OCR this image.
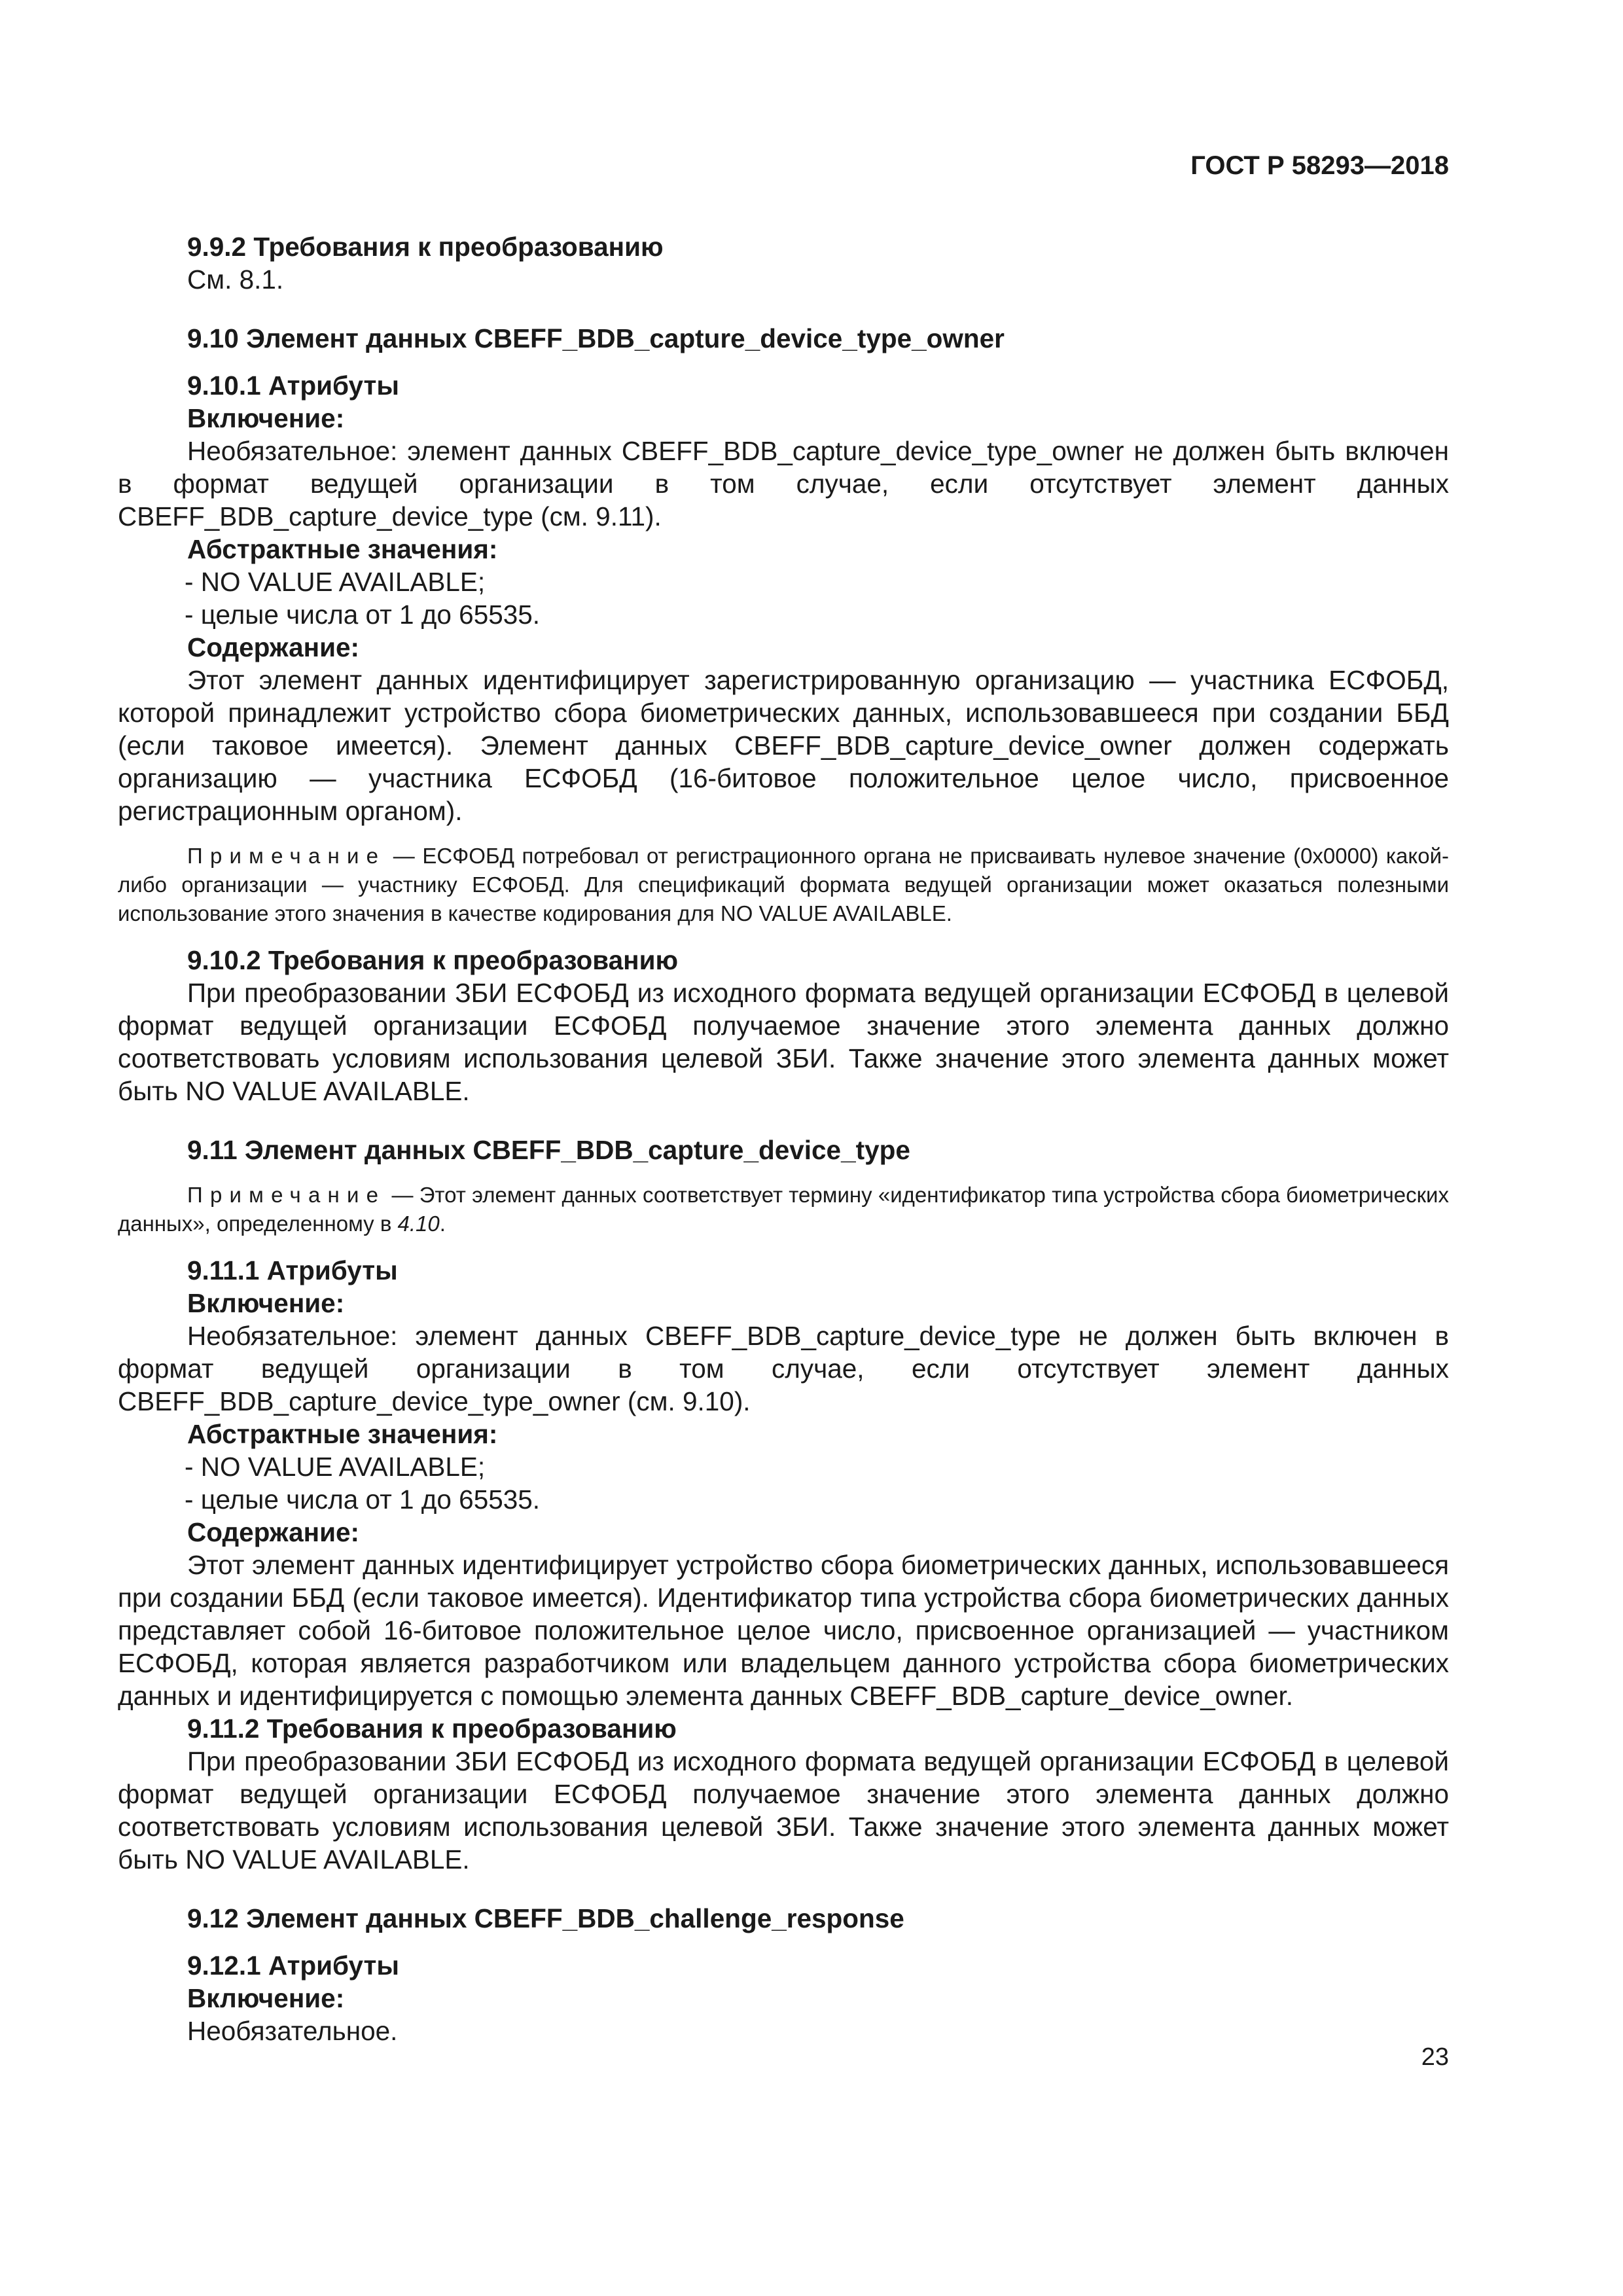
ГОСТ Р 58293—2018
9.9.2 Требования к преобразованию
См. 8.1.
9.10 Элемент данных CBEFF_BDB_capture_device_type_owner
9.10.1 Атрибуты
Включение:
Необязательное: элемент данных CBEFF_BDB_capture_device_type_owner не должен быть включен в формат ведущей организации в том случае, если отсутствует элемент данных CBEFF_BDB_capture_device_type (см. 9.11).
Абстрактные значения:
- NO VALUE AVAILABLE;
- целые числа от 1 до 65535.
Содержание:
Этот элемент данных идентифицирует зарегистрированную организацию — участника ЕСФОБД, которой принадлежит устройство сбора биометрических данных, использовавшееся при создании ББД (если таковое имеется). Элемент данных CBEFF_BDB_capture_device_owner должен содержать организацию — участника ЕСФОБД (16-битовое положительное целое число, присвоенное регистрационным органом).
Примечание — ЕСФОБД потребовал от регистрационного органа не присваивать нулевое значение (0x0000) какой-либо организации — участнику ЕСФОБД. Для спецификаций формата ведущей организации может оказаться полезными использование этого значения в качестве кодирования для NO VALUE AVAILABLE.
9.10.2 Требования к преобразованию
При преобразовании ЗБИ ЕСФОБД из исходного формата ведущей организации ЕСФОБД в целевой формат ведущей организации ЕСФОБД получаемое значение этого элемента данных должно соответствовать условиям использования целевой ЗБИ. Также значение этого элемента данных может быть NO VALUE AVAILABLE.
9.11 Элемент данных CBEFF_BDB_capture_device_type
Примечание — Этот элемент данных соответствует термину «идентификатор типа устройства сбора биометрических данных», определенному в 4.10.
9.11.1 Атрибуты
Включение:
Необязательное: элемент данных CBEFF_BDB_capture_device_type не должен быть включен в формат ведущей организации в том случае, если отсутствует элемент данных CBEFF_BDB_capture_device_type_owner (см. 9.10).
Абстрактные значения:
- NO VALUE AVAILABLE;
- целые числа от 1 до 65535.
Содержание:
Этот элемент данных идентифицирует устройство сбора биометрических данных, использовавшееся при создании ББД (если таковое имеется). Идентификатор типа устройства сбора биометрических данных представляет собой 16-битовое положительное целое число, присвоенное организацией — участником ЕСФОБД, которая является разработчиком или владельцем данного устройства сбора биометрических данных и идентифицируется с помощью элемента данных CBEFF_BDB_capture_device_owner.
9.11.2 Требования к преобразованию
При преобразовании ЗБИ ЕСФОБД из исходного формата ведущей организации ЕСФОБД в целевой формат ведущей организации ЕСФОБД получаемое значение этого элемента данных должно соответствовать условиям использования целевой ЗБИ. Также значение этого элемента данных может быть NO VALUE AVAILABLE.
9.12 Элемент данных CBEFF_BDB_challenge_response
9.12.1 Атрибуты
Включение:
Необязательное.
23
